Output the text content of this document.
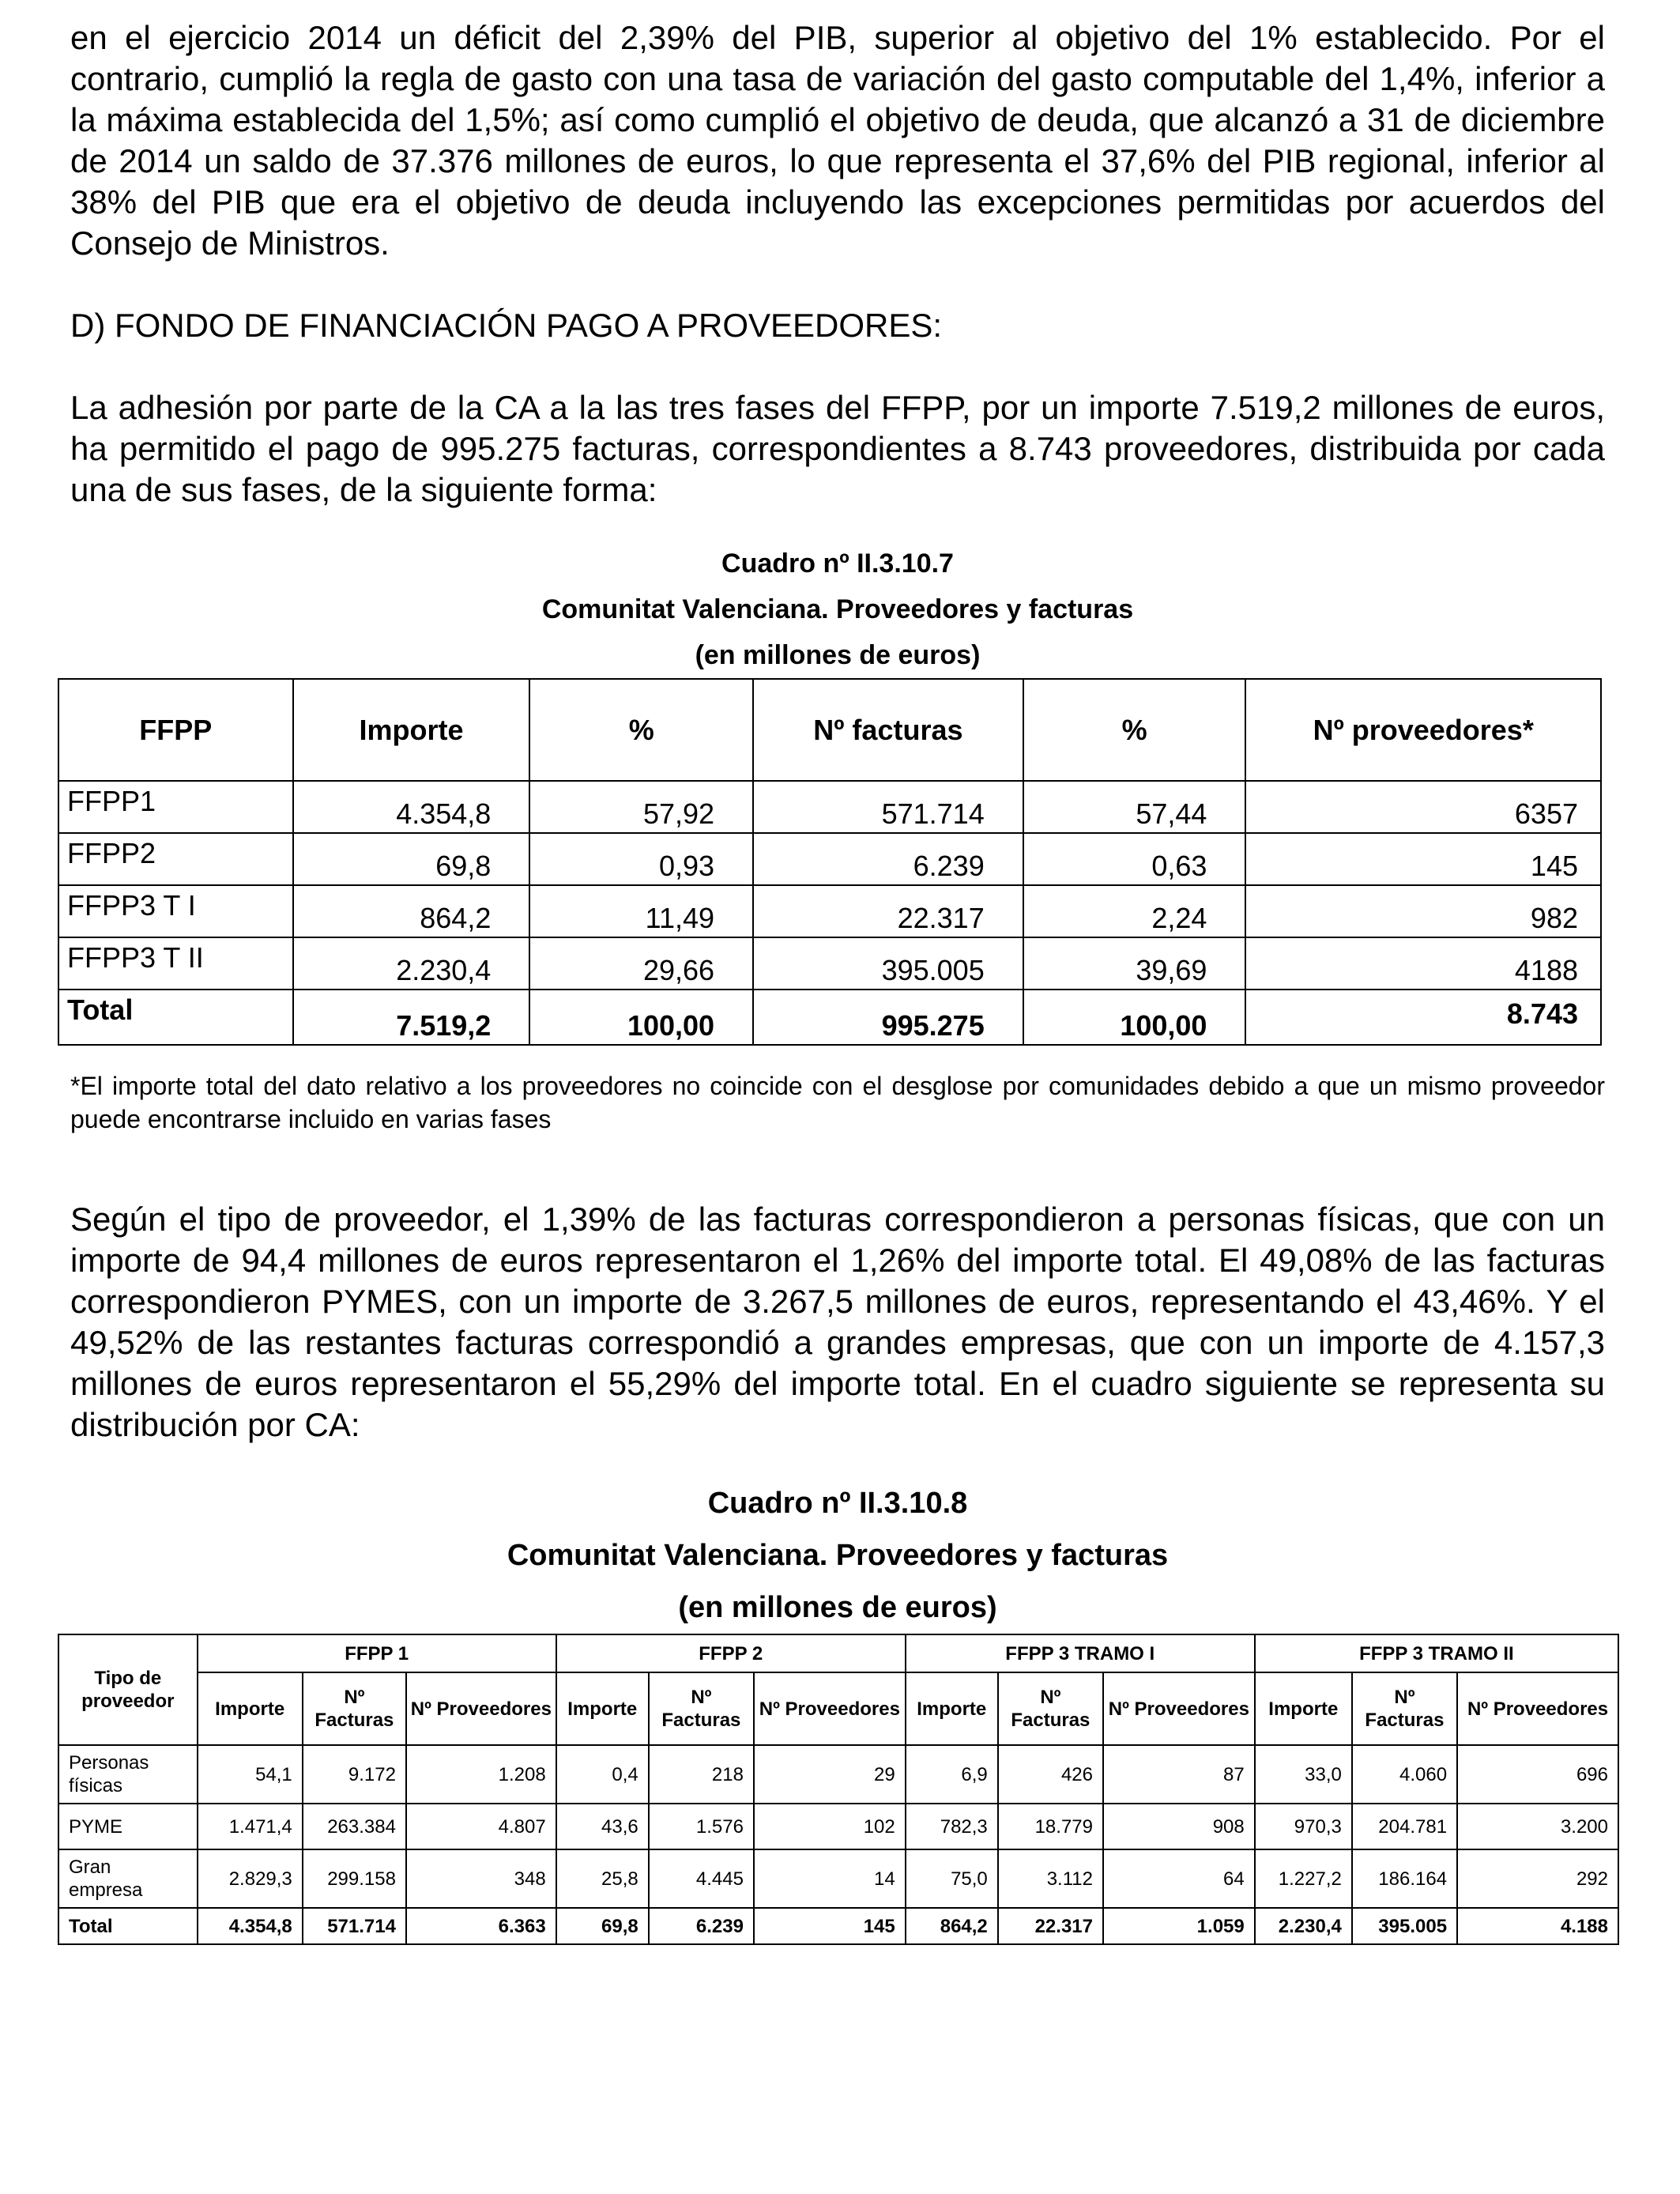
en el ejercicio 2014 un déficit del 2,39% del PIB, superior al objetivo del 1% establecido. Por el contrario, cumplió la regla de gasto con una tasa de variación del gasto computable del 1,4%, inferior a la máxima establecida del 1,5%; así como cumplió el objetivo de deuda, que alcanzó a 31 de diciembre de 2014 un saldo de 37.376 millones de euros, lo que representa el 37,6% del PIB regional, inferior al 38% del PIB que era el objetivo de deuda incluyendo las excepciones permitidas por acuerdos del Consejo de Ministros.

D) FONDO DE FINANCIACIÓN PAGO A PROVEEDORES:

La adhesión por parte de la CA a la las tres fases del FFPP, por un importe 7.519,2 millones de euros, ha permitido el pago de 995.275 facturas, correspondientes a 8.743 proveedores, distribuida por cada una de sus fases, de la siguiente forma:

Cuadro nº II.3.10.7

Comunitat Valenciana. Proveedores y facturas

(en millones de euros)

FFPP	Importe	%	Nº facturas	%	Nº proveedores*
FFPP1	4.354,8	57,92	571.714	57,44	6357
FFPP2	69,8	0,93	6.239	0,63	145
FFPP3 T I	864,2	11,49	22.317	2,24	982
FFPP3 T II	2.230,4	29,66	395.005	39,69	4188
Total	7.519,2	100,00	995.275	100,00	8.743

*El importe total del dato relativo a los proveedores no coincide con el desglose por comunidades debido a que un mismo proveedor puede encontrarse incluido en varias fases

Según el tipo de proveedor, el 1,39% de las facturas correspondieron a personas físicas, que con un importe de 94,4 millones de euros representaron el 1,26% del importe total. El 49,08% de las facturas correspondieron PYMES, con un importe de 3.267,5 millones de euros, representando el 43,46%. Y el 49,52% de las restantes facturas correspondió a grandes empresas, que con un importe de 4.157,3 millones de euros representaron el 55,29% del importe total. En el cuadro siguiente se representa su distribución por CA:

Cuadro nº II.3.10.8

Comunitat Valenciana. Proveedores y facturas

(en millones de euros)

Tipo de proveedor	FFPP 1			FFPP 2			FFPP 3 TRAMO I			FFPP 3 TRAMO II		
	Importe	Nº Facturas	Nº Proveedores	Importe	Nº Facturas	Nº Proveedores	Importe	Nº Facturas	Nº Proveedores	Importe	Nº Facturas	Nº Proveedores
Personas físicas	54,1	9.172	1.208	0,4	218	29	6,9	426	87	33,0	4.060	696
PYME	1.471,4	263.384	4.807	43,6	1.576	102	782,3	18.779	908	970,3	204.781	3.200
Gran empresa	2.829,3	299.158	348	25,8	4.445	14	75,0	3.112	64	1.227,2	186.164	292
Total	4.354,8	571.714	6.363	69,8	6.239	145	864,2	22.317	1.059	2.230,4	395.005	4.188
